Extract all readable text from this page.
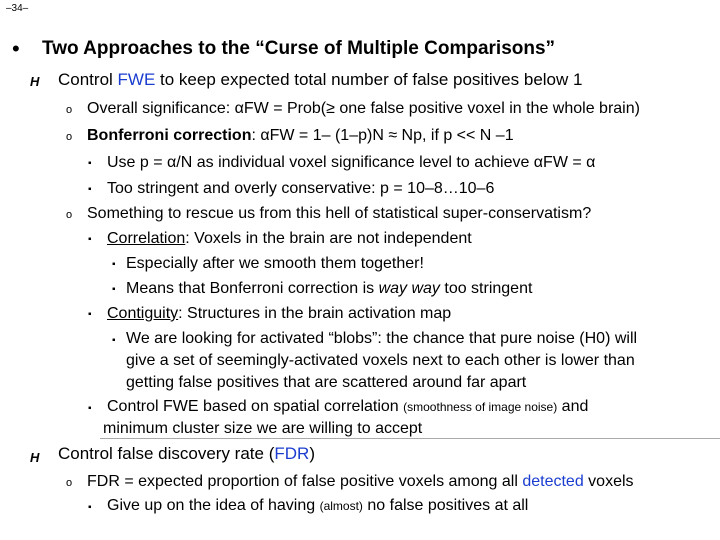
–34–
• Two Approaches to the “Curse of Multiple Comparisons”
H Control FWE to keep expected total number of false positives below 1
o Overall significance: αFW = Prob(≥ one false positive voxel in the whole brain)
o Bonferroni correction: αFW = 1– (1–p)N ≈ Np, if p << N –1
▪ Use p = α/N as individual voxel significance level to achieve αFW = α
▪ Too stringent and overly conservative: p = 10–8…10–6
o Something to rescue us from this hell of statistical super-conservatism?
▪ Correlation: Voxels in the brain are not independent
▪ Especially after we smooth them together!
▪ Means that Bonferroni correction is way way too stringent
▪ Contiguity: Structures in the brain activation map
▪ We are looking for activated “blobs”: the chance that pure noise (H0) will
give a set of seemingly-activated voxels next to each other is lower than
getting false positives that are scattered around far apart
▪ Control FWE based on spatial correlation (smoothness of image noise) and
minimum cluster size we are willing to accept
H Control false discovery rate (FDR)
o FDR = expected proportion of false positive voxels among all detected voxels
▪ Give up on the idea of having (almost) no false positives at all
